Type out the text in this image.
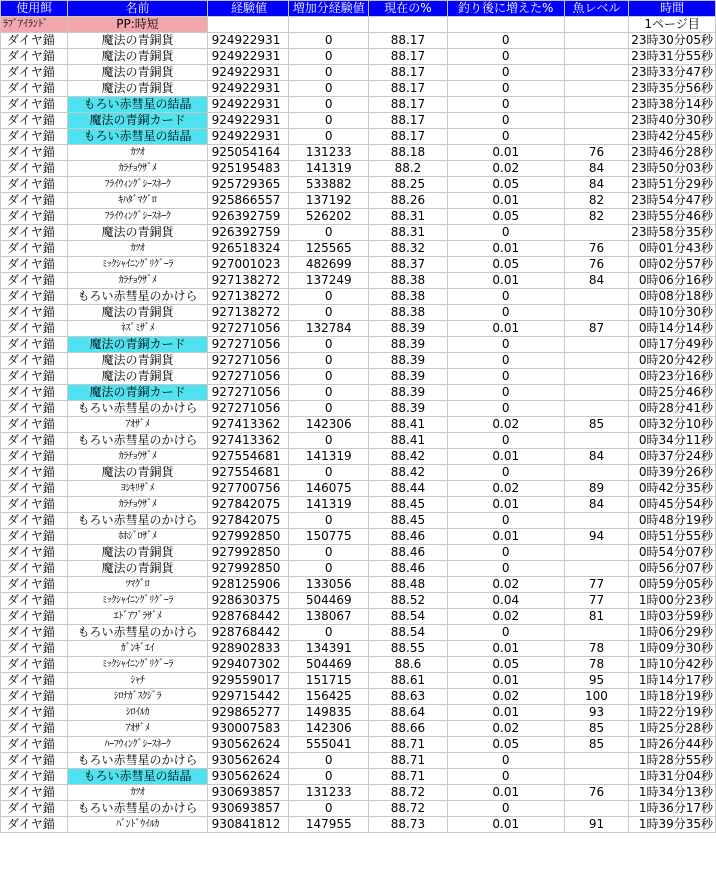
使用餌	名前	経験値	増加分経験値	現在の%	釣り後に増えた%	魚レベル	時間
ﾗﾌﾞｱｲﾗﾝﾄﾞ	PP:時短						1ページ目
ダイヤ錨	魔法の青銅貨	924922931	0	88.17	0		23時30分05秒
ダイヤ錨	魔法の青銅貨	924922931	0	88.17	0		23時31分55秒
ダイヤ錨	魔法の青銅貨	924922931	0	88.17	0		23時33分47秒
ダイヤ錨	魔法の青銅貨	924922931	0	88.17	0		23時35分56秒
ダイヤ錨	もろい赤彗星の結晶	924922931	0	88.17	0		23時38分14秒
ダイヤ錨	魔法の青銅カード	924922931	0	88.17	0		23時40分30秒
ダイヤ錨	もろい赤彗星の結晶	924922931	0	88.17	0		23時42分45秒
ダイヤ錨	ｶﾂｵ	925054164	131233	88.18	0.01	76	23時46分28秒
ダイヤ錨	ｶﾗﾁｮｳｻﾞﾒ	925195483	141319	88.2	0.02	84	23時50分03秒
ダイヤ錨	ﾌﾗｲｳｨﾝｸﾞｼｰｽﾈｰｸ	925729365	533882	88.25	0.05	84	23時51分29秒
ダイヤ錨	ｷﾊﾀﾞﾏｸﾞﾛ	925866557	137192	88.26	0.01	82	23時54分47秒
ダイヤ錨	ﾌﾗｲｳｨﾝｸﾞｼｰｽﾈｰｸ	926392759	526202	88.31	0.05	82	23時55分46秒
ダイヤ錨	魔法の青銅貨	926392759	0	88.31	0		23時58分35秒
ダイヤ錨	ｶﾂｵ	926518324	125565	88.32	0.01	76	0時01分43秒
ダイヤ錨	ﾐｯｸｼｬｲﾆﾝｸﾞﾘｸﾞｰﾗ	927001023	482699	88.37	0.05	76	0時02分57秒
ダイヤ錨	ｶﾗﾁｮｳｻﾞﾒ	927138272	137249	88.38	0.01	84	0時06分16秒
ダイヤ錨	もろい赤彗星のかけら	927138272	0	88.38	0		0時08分18秒
ダイヤ錨	魔法の青銅貨	927138272	0	88.38	0		0時10分30秒
ダイヤ錨	ﾈｽﾞﾐｻﾞﾒ	927271056	132784	88.39	0.01	87	0時14分14秒
ダイヤ錨	魔法の青銅カード	927271056	0	88.39	0		0時17分49秒
ダイヤ錨	魔法の青銅貨	927271056	0	88.39	0		0時20分42秒
ダイヤ錨	魔法の青銅貨	927271056	0	88.39	0		0時23分16秒
ダイヤ錨	魔法の青銅カード	927271056	0	88.39	0		0時25分46秒
ダイヤ錨	もろい赤彗星のかけら	927271056	0	88.39	0		0時28分41秒
ダイヤ錨	ｱｵｻﾞﾒ	927413362	142306	88.41	0.02	85	0時32分10秒
ダイヤ錨	もろい赤彗星のかけら	927413362	0	88.41	0		0時34分11秒
ダイヤ錨	ｶﾗﾁｮｳｻﾞﾒ	927554681	141319	88.42	0.01	84	0時37分24秒
ダイヤ錨	魔法の青銅貨	927554681	0	88.42	0		0時39分26秒
ダイヤ錨	ﾖｼｷﾘｻﾞﾒ	927700756	146075	88.44	0.02	89	0時42分35秒
ダイヤ錨	ｶﾗﾁｮｳｻﾞﾒ	927842075	141319	88.45	0.01	84	0時45分54秒
ダイヤ錨	もろい赤彗星のかけら	927842075	0	88.45	0		0時48分19秒
ダイヤ錨	ﾎﾎｼﾞﾛｻﾞﾒ	927992850	150775	88.46	0.01	94	0時51分55秒
ダイヤ錨	魔法の青銅貨	927992850	0	88.46	0		0時54分07秒
ダイヤ錨	魔法の青銅貨	927992850	0	88.46	0		0時56分07秒
ダイヤ錨	ﾂﾏｸﾞﾛ	928125906	133056	88.48	0.02	77	0時59分05秒
ダイヤ錨	ﾐｯｸｼｬｲﾆﾝｸﾞﾘｸﾞｰﾗ	928630375	504469	88.52	0.04	77	1時00分23秒
ダイヤ錨	ｴﾄﾞｱﾌﾞﾗｻﾞﾒ	928768442	138067	88.54	0.02	81	1時03分59秒
ダイヤ錨	もろい赤彗星のかけら	928768442	0	88.54	0		1時06分29秒
ダイヤ錨	ｶﾞﾝｷﾞｴｲ	928902833	134391	88.55	0.01	78	1時09分30秒
ダイヤ錨	ﾐｯｸｼｬｲﾆﾝｸﾞﾘｸﾞｰﾗ	929407302	504469	88.6	0.05	78	1時10分42秒
ダイヤ錨	ｼｬﾁ	929559017	151715	88.61	0.01	95	1時14分17秒
ダイヤ錨	ｼﾛﾅｶﾞｽｸｼﾞﾗ	929715442	156425	88.63	0.02	100	1時18分19秒
ダイヤ錨	ｼﾛｲﾙｶ	929865277	149835	88.64	0.01	93	1時22分19秒
ダイヤ錨	ｱｵｻﾞﾒ	930007583	142306	88.66	0.02	85	1時25分28秒
ダイヤ錨	ﾊｰﾌｳｨﾝｸﾞｼｰｽﾈｰｸ	930562624	555041	88.71	0.05	85	1時26分44秒
ダイヤ錨	もろい赤彗星のかけら	930562624	0	88.71	0		1時28分55秒
ダイヤ錨	もろい赤彗星の結晶	930562624	0	88.71	0		1時31分04秒
ダイヤ錨	ｶﾂｵ	930693857	131233	88.72	0.01	76	1時34分13秒
ダイヤ錨	もろい赤彗星のかけら	930693857	0	88.72	0		1時36分17秒
ダイヤ錨	ﾊﾞﾝﾄﾞｳｲﾙｶ	930841812	147955	88.73	0.01	91	1時39分35秒
